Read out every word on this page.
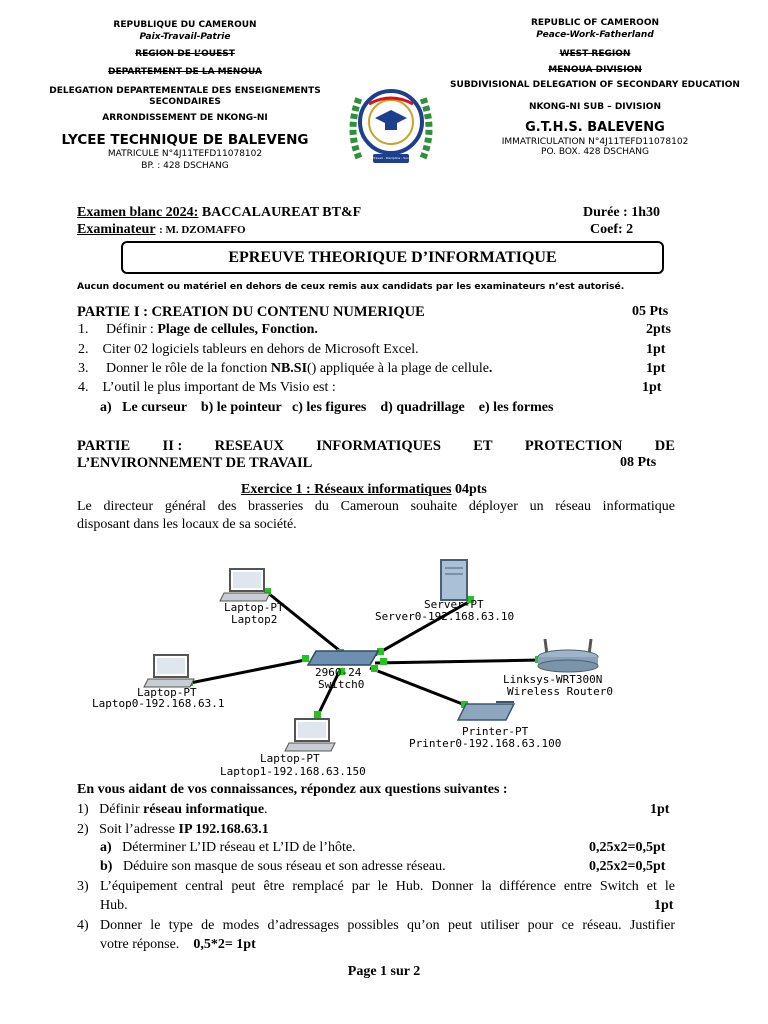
REPUBLIQUE DU CAMEROUN
Paix-Travail-Patrie
REGION DE L’OUEST
DEPARTEMENT DE LA MENOUA
DELEGATION DEPARTEMENTALE DES ENSEIGNEMENTS SECONDAIRES
ARRONDISSEMENT DE NKONG-NI
LYCEE TECHNIQUE DE BALEVENG
MATRICULE N°4J11TEFD11078102
BP. : 428 DSCHANG
Travail - Discipline - Succès
REPUBLIC OF CAMEROON
Peace-Work-Fatherland
WEST REGION
MENOUA DIVISION
SUBDIVISIONAL DELEGATION OF SECONDARY EDUCATION
NKONG-NI SUB – DIVISION
G.T.H.S. BALEVENG
IMMATRICULATION N°4J11TEFD11078102
PO. BOX. 428 DSCHANG
Examen blanc 2024: BACCALAUREAT BT&F	Durée : 1h30
Examinateur : M. DZOMAFFO	Coef: 2
EPREUVE THEORIQUE D’INFORMATIQUE
Aucun document ou matériel en dehors de ceux remis aux candidats par les examinateurs n’est autorisé.
PARTIE I : CREATION DU CONTENU NUMERIQUE	05 Pts
1. Définir : Plage de cellules, Fonction.	2pts
2. Citer 02 logiciels tableurs en dehors de Microsoft Excel.	1pt
3. Donner le rôle de la fonction NB.SI() appliquée à la plage de cellule.	1pt
4. L’outil le plus important de Ms Visio est :	1pt
a)   Le curseur    b) le pointeur   c) les figures    d) quadrillage    e) les formes
PARTIE II : RESEAUX INFORMATIQUES ET PROTECTION DE
L’ENVIRONNEMENT DE TRAVAIL	08 Pts
Exercice 1 : Réseaux informatiques 04pts
Le directeur général des brasseries du Cameroun souhaite déployer un réseau informatique
disposant dans les locaux de sa société.
Laptop-PT
Laptop2
Server-PT
Server0-192.168.63.10
Laptop-PT
Laptop0-192.168.63.1
2960-24
Switch0	Linksys-WRT300N
Wireless Router0
Printer-PT
Printer0-192.168.63.100
Laptop-PT
Laptop1-192.168.63.150
En vous aidant de vos connaissances, répondez aux questions suivantes :
1) Définir réseau informatique.	1pt
2) Soit l’adresse IP 192.168.63.1
a) Déterminer L’ID réseau et L’ID de l’hôte.	0,25x2=0,5pt
b) Déduire son masque de sous réseau et son adresse réseau.	0,25x2=0,5pt
3) L’équipement central peut être remplacé par le Hub. Donner la différence entre Switch et le
Hub.	1pt
4) Donner le type de modes d’adressages possibles qu’on peut utiliser pour ce réseau. Justifier
votre réponse. 0,5*2= 1pt
Page 1 sur 2
